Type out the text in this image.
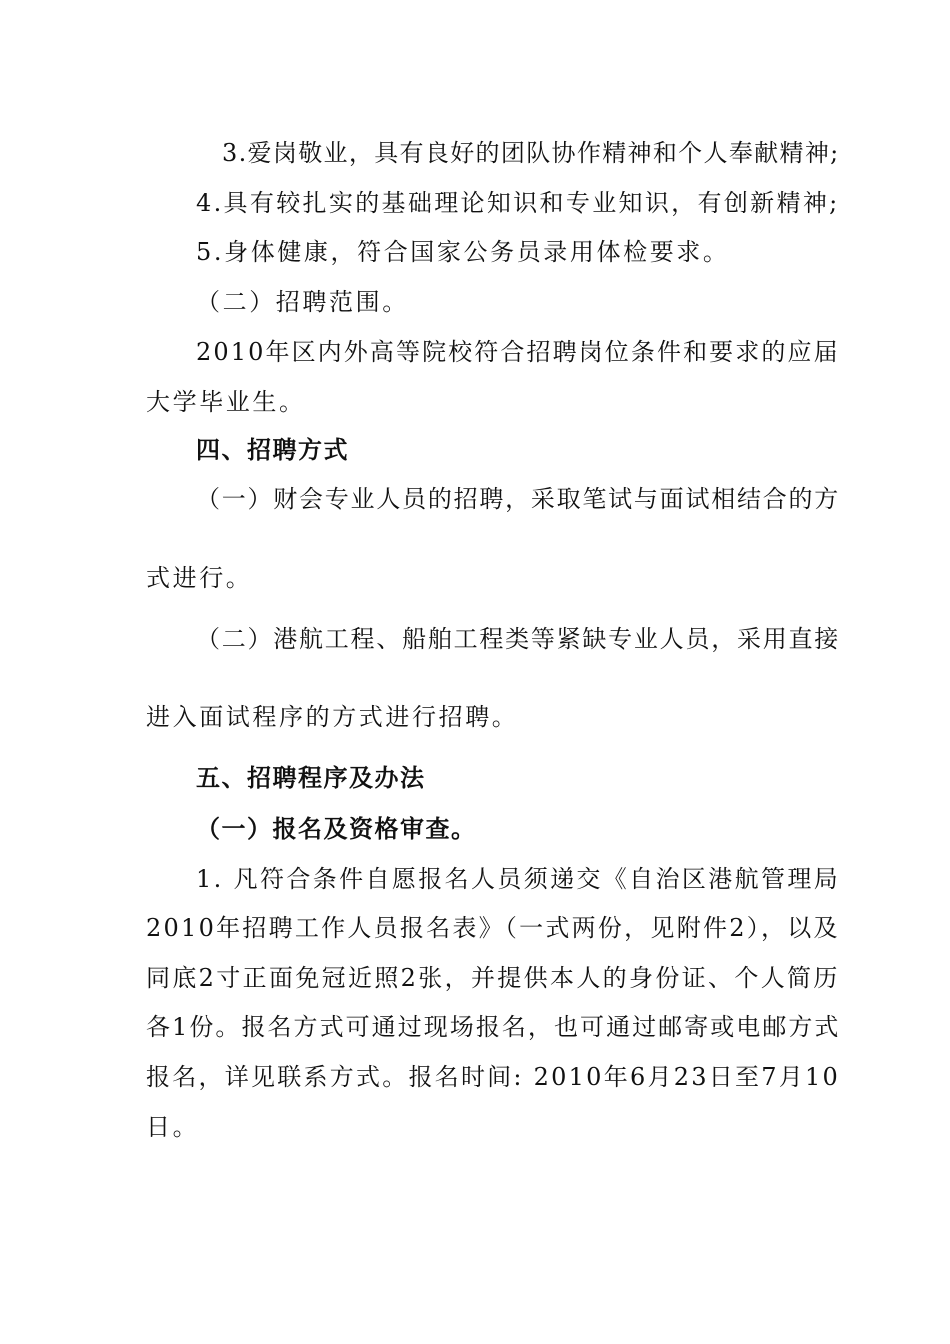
3.爱岗敬业，具有良好的团队协作精神和个人奉献精神;

4.具有较扎实的基础理论知识和专业知识，有创新精神;

5.身体健康，符合国家公务员录用体检要求。

（二）招聘范围。

2010年区内外高等院校符合招聘岗位条件和要求的应届

大学毕业生。

四、招聘方式

（一）财会专业人员的招聘，采取笔试与面试相结合的方

式进行。

（二）港航工程、船舶工程类等紧缺专业人员，采用直接

进入面试程序的方式进行招聘。

五、招聘程序及办法

（一）报名及资格审查。

1. 凡符合条件自愿报名人员须递交《自治区港航管理局

2010年招聘工作人员报名表》（一式两份，见附件2），以及

同底2寸正面免冠近照2张，并提供本人的身份证、个人简历

各1份。报名方式可通过现场报名，也可通过邮寄或电邮方式

报名，详见联系方式。报名时间: 2010年6月23日至7月10

日。
